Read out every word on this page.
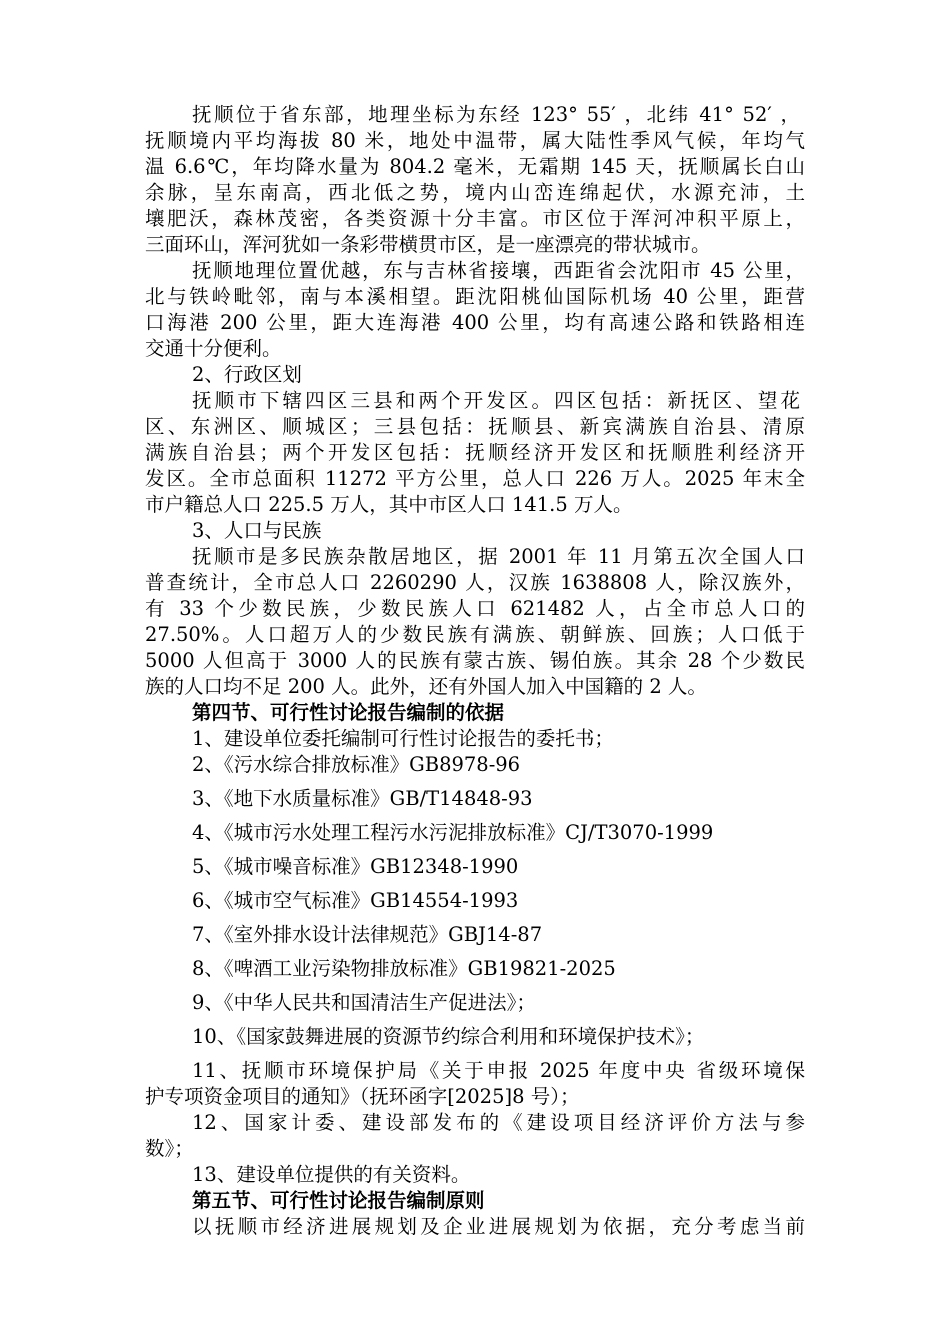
抚顺位于省东部，地理坐标为东经 123° 55′ ，北纬 41° 52′ ，
抚顺境内平均海拔 80 米，地处中温带，属大陆性季风气候，年均气
温 6.6℃，年均降水量为 804.2 毫米，无霜期 145 天，抚顺属长白山
余脉，呈东南高，西北低之势，境内山峦连绵起伏，水源充沛，土
壤肥沃，森林茂密，各类资源十分丰富。市区位于浑河冲积平原上，
三面环山，浑河犹如一条彩带横贯市区，是一座漂亮的带状城市。
抚顺地理位置优越，东与吉林省接壤，西距省会沈阳市 45 公里，
北与铁岭毗邻，南与本溪相望。距沈阳桃仙国际机场 40 公里，距营
口海港 200 公里，距大连海港 400 公里，均有高速公路和铁路相连
交通十分便利。
2、行政区划
抚顺市下辖四区三县和两个开发区。四区包括：新抚区、望花
区、东洲区、顺城区；三县包括：抚顺县、新宾满族自治县、清原
满族自治县；两个开发区包括：抚顺经济开发区和抚顺胜利经济开
发区。全市总面积 11272 平方公里，总人口 226 万人。2025 年末全
市户籍总人口 225.5 万人，其中市区人口 141.5 万人。
3、人口与民族
抚顺市是多民族杂散居地区，据 2001 年 11 月第五次全国人口
普查统计，全市总人口 2260290 人，汉族 1638808 人，除汉族外，
有 33 个少数民族，少数民族人口 621482 人，占全市总人口的
27.50%。人口超万人的少数民族有满族、朝鲜族、回族；人口低于
5000 人但高于 3000 人的民族有蒙古族、锡伯族。其余 28 个少数民
族的人口均不足 200 人。此外，还有外国人加入中国籍的 2 人。
第四节、可行性讨论报告编制的依据
1、建设单位委托编制可行性讨论报告的委托书；
2、《污水综合排放标准》GB8978-96
3、《地下水质量标准》GB/T14848-93
4、《城市污水处理工程污水污泥排放标准》CJ/T3070-1999
5、《城市噪音标准》GB12348-1990
6、《城市空气标准》GB14554-1993
7、《室外排水设计法律规范》GBJ14-87
8、《啤酒工业污染物排放标准》GB19821-2025
9、《中华人民共和国清洁生产促进法》；
10、《国家鼓舞进展的资源节约综合利用和环境保护技术》；
11、抚顺市环境保护局《关于申报 2025 年度中央 省级环境保
护专项资金项目的通知》（抚环函字[2025]8 号）；
12、国家计委、建设部发布的《建设项目经济评价方法与参
数》；
13、建设单位提供的有关资料。
第五节、可行性讨论报告编制原则
以抚顺市经济进展规划及企业进展规划为依据，充分考虑当前
